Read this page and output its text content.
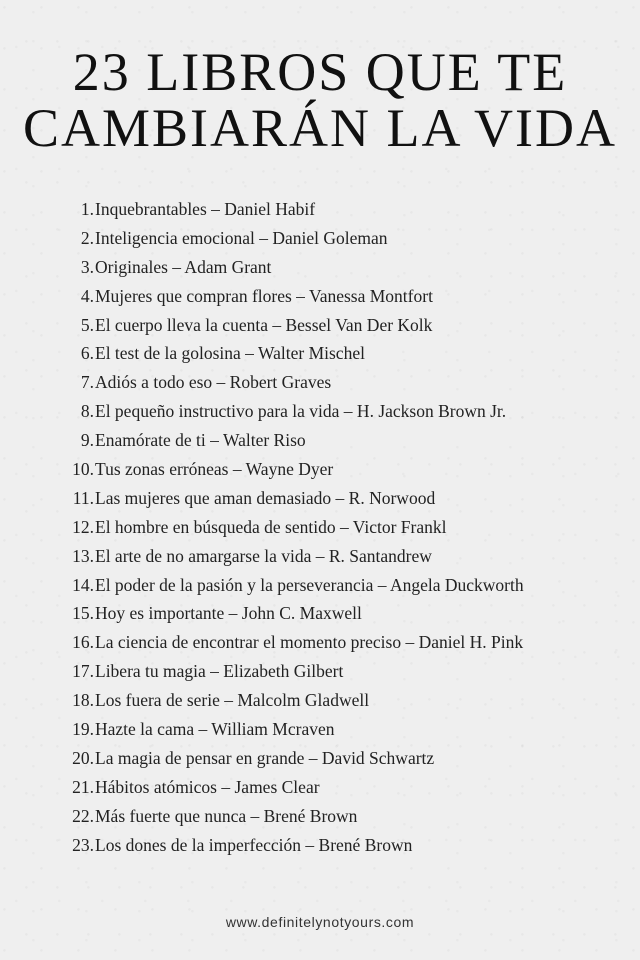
23 LIBROS QUE TE
CAMBIARÁN LA VIDA
1. Inquebrantables – Daniel Habif
2. Inteligencia emocional – Daniel Goleman
3. Originales – Adam Grant
4. Mujeres que compran flores – Vanessa Montfort
5. El cuerpo lleva la cuenta – Bessel Van Der Kolk
6. El test de la golosina – Walter Mischel
7. Adiós a todo eso – Robert Graves
8. El pequeño instructivo para la vida – H. Jackson Brown Jr.
9. Enamórate de ti – Walter Riso
10. Tus zonas erróneas – Wayne Dyer
11. Las mujeres que aman demasiado – R. Norwood
12. El hombre en búsqueda de sentido – Victor Frankl
13. El arte de no amargarse la vida – R. Santandrew
14. El poder de la pasión y la perseverancia – Angela Duckworth
15. Hoy es importante – John C. Maxwell
16. La ciencia de encontrar el momento preciso – Daniel H. Pink
17. Libera tu magia – Elizabeth Gilbert
18. Los fuera de serie – Malcolm Gladwell
19. Hazte la cama – William Mcraven
20. La magia de pensar en grande – David Schwartz
21. Hábitos atómicos – James Clear
22. Más fuerte que nunca – Brené Brown
23. Los dones de la imperfección – Brené Brown
www.definitelynotyours.com
